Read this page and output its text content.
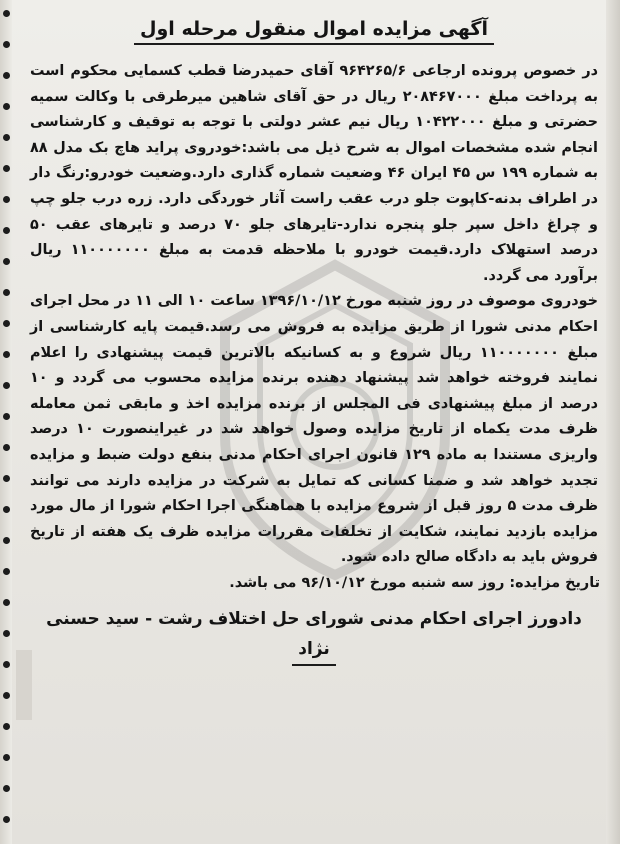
آگهی مزایده اموال منقول مرحله اول

در خصوص پرونده ارجاعی ۹۶۴۲۶۵/۶ آقای حمیدرضا قطب کسمایی محکوم است به پرداخت مبلغ ۲۰۸۴۶۷۰۰۰ ریال در حق آقای شاهین میرطرقی با وکالت سمیه حضرتی و مبلغ ۱۰۴۲۲۰۰۰ ریال نیم عشر دولتی با توجه به توقیف و کارشناسی انجام شده مشخصات اموال به شرح ذیل می باشد:خودروی پراید هاچ بک مدل ۸۸ به شماره ۱۹۹ س ۴۵ ایران ۴۶ وضعیت شماره گذاری دارد.وضعیت خودرو:رنگ دار در اطراف بدنه-کاپوت جلو درب عقب راست آثار خوردگی دارد. زره درب جلو چپ و چراغ داخل سپر جلو پنجره ندارد-تایرهای جلو ۷۰ درصد و تایرهای عقب ۵۰ درصد استهلاک دارد.قیمت خودرو با ملاحظه قدمت به مبلغ ۱۱۰۰۰۰۰۰۰ ریال برآورد می گردد.

خودروی موصوف در روز شنبه مورخ ۱۳۹۶/۱۰/۱۲ ساعت ۱۰ الی ۱۱ در محل اجرای احکام مدنی شورا از طریق مزایده به فروش می رسد.قیمت پایه کارشناسی از مبلغ ۱۱۰۰۰۰۰۰۰ ریال شروع و به کسانیکه بالاترین قیمت پیشنهادی را اعلام نمایند فروخته خواهد شد پیشنهاد دهنده برنده مزایده محسوب می گردد و ۱۰ درصد از مبلغ پیشنهادی فی المجلس از برنده مزایده اخذ و مابقی ثمن معامله ظرف مدت یکماه از تاریخ مزایده وصول خواهد شد در غیراینصورت ۱۰ درصد واریزی مستندا به ماده ۱۲۹ قانون اجرای احکام مدنی بنفع دولت ضبط و مزایده تجدید خواهد شد و ضمنا کسانی که تمایل به شرکت در مزایده دارند می توانند ظرف مدت ۵ روز قبل از شروع مزایده با هماهنگی اجرا احکام شورا از مال مورد مزایده بازدید نمایند، شکایت از تخلفات مقررات مزایده ظرف یک هفته از تاریخ فروش باید به دادگاه صالح داده شود.

تاریخ مزایده: روز سه شنبه مورخ ۹۶/۱۰/۱۲ می باشد.
دادورز اجرای احکام مدنی شورای حل اختلاف رشت - سید حسنی
نژاد
